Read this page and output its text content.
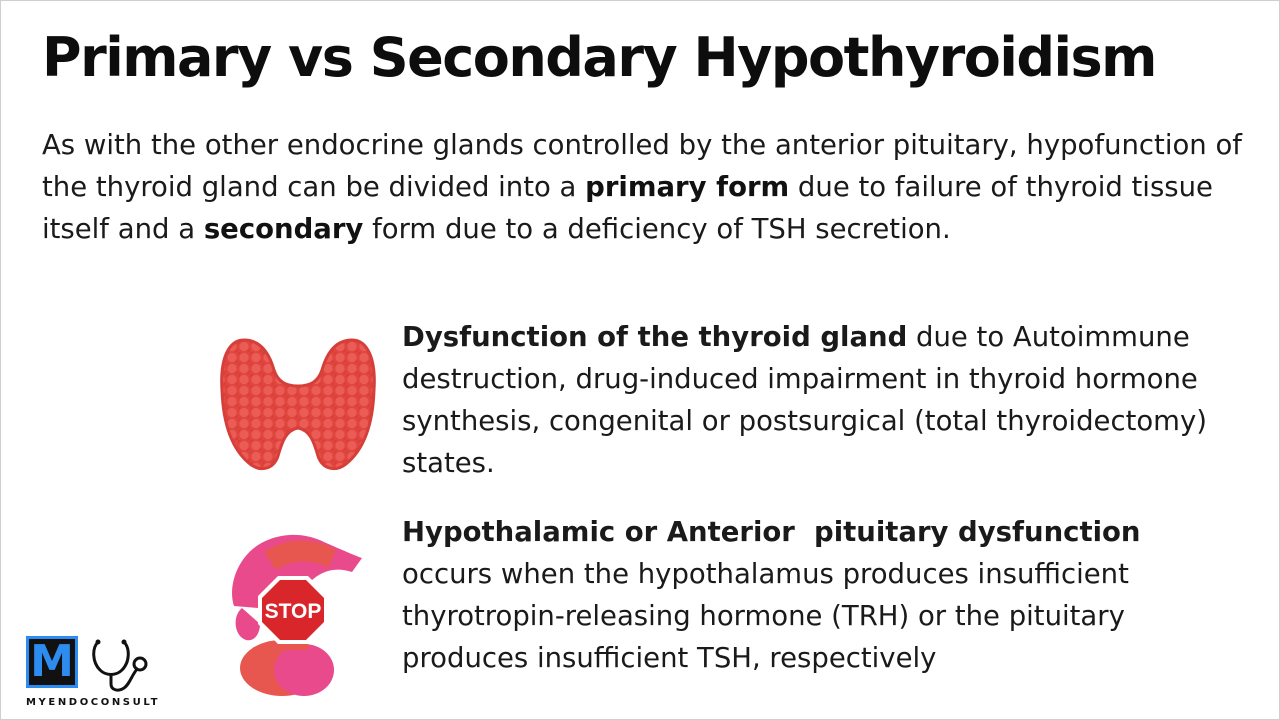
Primary vs Secondary Hypothyroidism
As with the other endocrine glands controlled by the anterior pituitary, hypofunction of the thyroid gland can be divided into a primary form due to failure of thyroid tissue itself and a secondary form due to a deficiency of TSH secretion.
Dysfunction of the thyroid gland due to Autoimmune destruction, drug-induced impairment in thyroid hormone synthesis, congenital or postsurgical (total thyroidectomy) states.
STOP
Hypothalamic or Anterior  pituitary dysfunction
occurs when the hypothalamus produces insufficient thyrotropin-releasing hormone (TRH) or the pituitary produces insufficient TSH, respectively
M
MYENDOCONSULT
